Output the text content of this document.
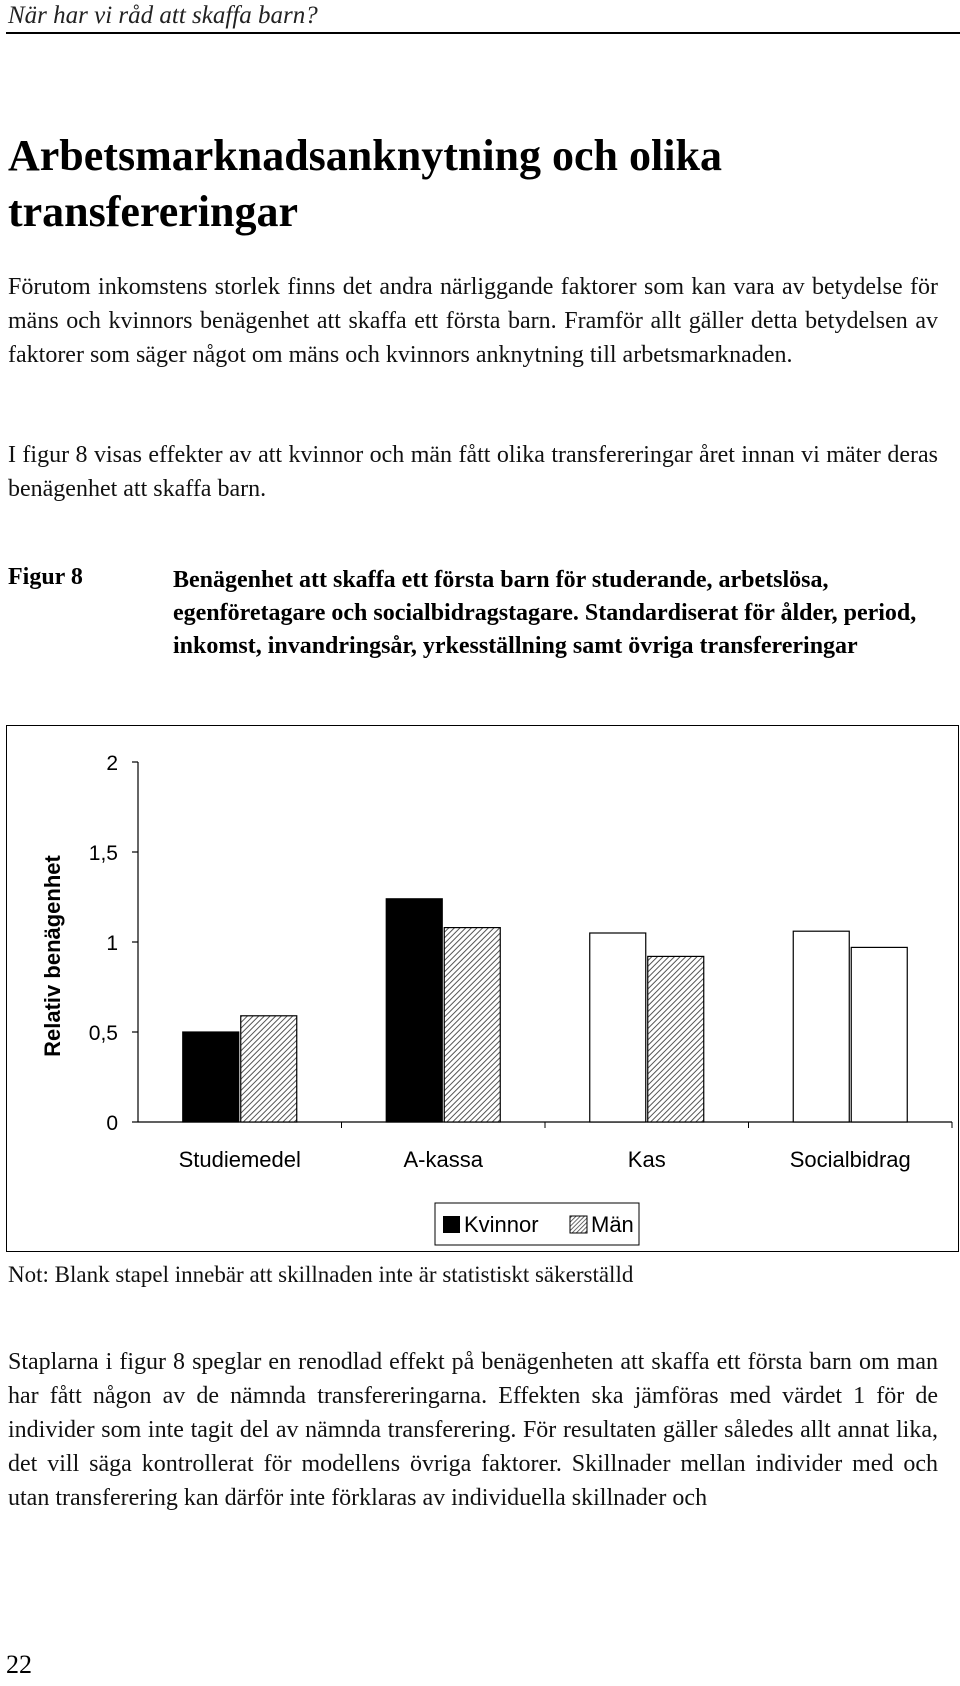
När har vi råd att skaffa barn?
Arbetsmarknadsanknytning och olika transfereringar

Förutom inkomstens storlek finns det andra närliggande faktorer som kan vara av betydelse för mäns och kvinnors benägenhet att skaffa ett första barn. Framför allt gäller detta betydelsen av faktorer som säger något om mäns och kvinnors anknytning till arbetsmarknaden.

I figur 8 visas effekter av att kvinnor och män fått olika transfereringar året innan vi mäter deras benägenhet att skaffa barn.

Figur 8	Benägenhet att skaffa ett första barn för studerande, arbetslösa, egenföretagare och socialbidragstagare. Standardiserat för ålder, period, inkomst, invandringsår, yrkesställning samt övriga transfereringar

Relativ benägenhet
0
0,5
1
1,5
2
Studiemedel	A-kassa	Kas	Socialbidrag
Kvinnor Män
Not: Blank stapel innebär att skillnaden inte är statistiskt säkerställd

Staplarna i figur 8 speglar en renodlad effekt på benägenheten att skaffa ett första barn om man har fått någon av de nämnda transfereringarna. Effekten ska jämföras med värdet 1 för de individer som inte tagit del av nämnda transferering. För resultaten gäller således allt annat lika, det vill säga kontrollerat för modellens övriga faktorer. Skillnader mellan individer med och utan transferering kan därför inte förklaras av individuella skillnader och

22
